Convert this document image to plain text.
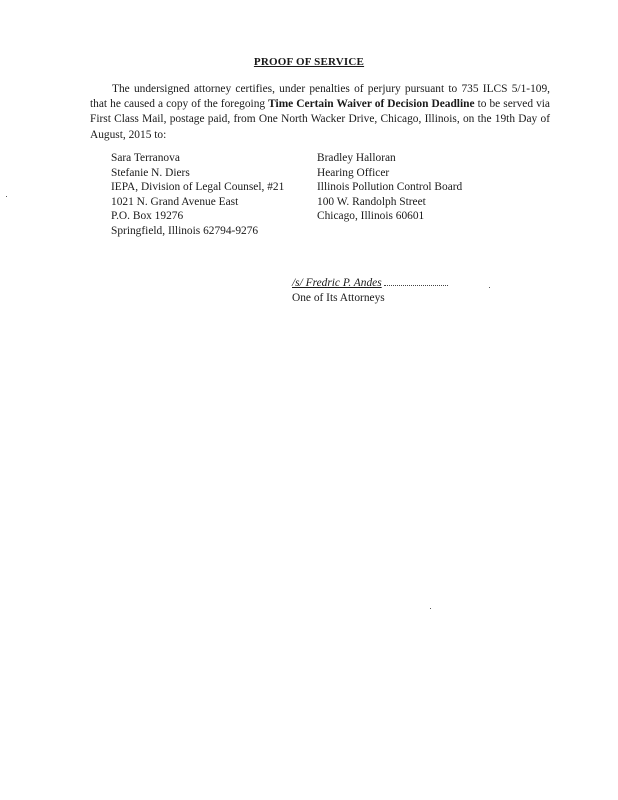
PROOF OF SERVICE
The undersigned attorney certifies, under penalties of perjury pursuant to 735 ILCS 5/1-109, that he caused a copy of the foregoing Time Certain Waiver of Decision Deadline to be served via First Class Mail, postage paid, from One North Wacker Drive, Chicago, Illinois, on the 19th Day of August, 2015 to:
Sara Terranova
Stefanie N. Diers
IEPA, Division of Legal Counsel, #21
1021 N. Grand Avenue East
P.O. Box 19276
Springfield, Illinois 62794-9276
Bradley Halloran
Hearing Officer
Illinois Pollution Control Board
100 W. Randolph Street
Chicago, Illinois 60601
/s/ Fredric P. Andes
One of Its Attorneys
